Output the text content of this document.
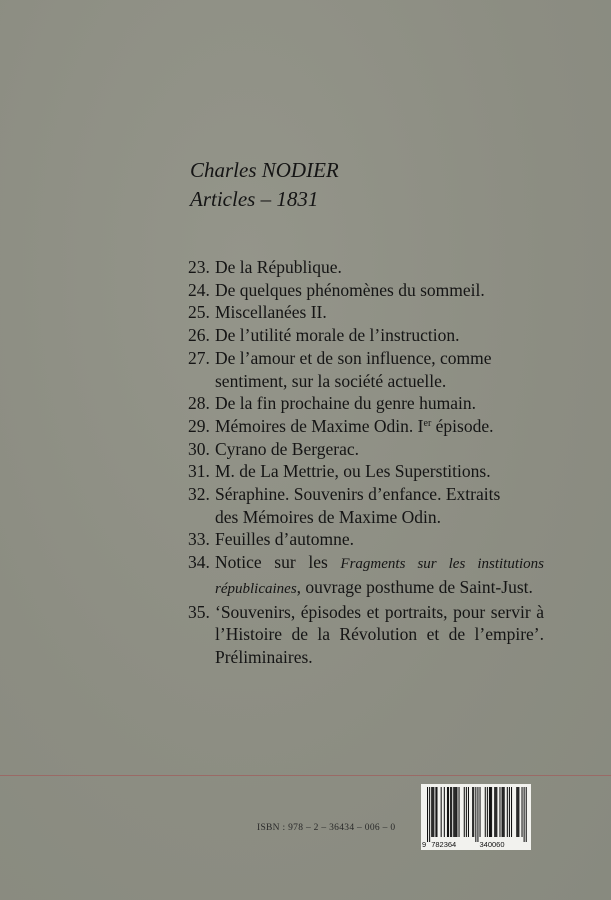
Charles NODIER
Articles – 1831
23. De la République.
24. De quelques phénomènes du sommeil.
25. Miscellanées II.
26. De l’utilité morale de l’instruction.
27. De l’amour et de son influence, comme
sentiment, sur la société actuelle.
28. De la fin prochaine du genre humain.
29. Mémoires de Maxime Odin. Ier épisode.
30. Cyrano de Bergerac.
31. M. de La Mettrie, ou Les Superstitions.
32. Séraphine. Souvenirs d’enfance. Extraits
des Mémoires de Maxime Odin.
33. Feuilles d’automne.
34. Notice sur les Fragments sur les institutions républicaines, ouvrage posthume de Saint-Just.
35. ‘Souvenirs, épisodes et portraits, pour servir à l’Histoire de la Révolution et de l’empire’. Préliminaires.
ISBN : 978 – 2 – 36434 – 006 – 0
9 782364	340060
